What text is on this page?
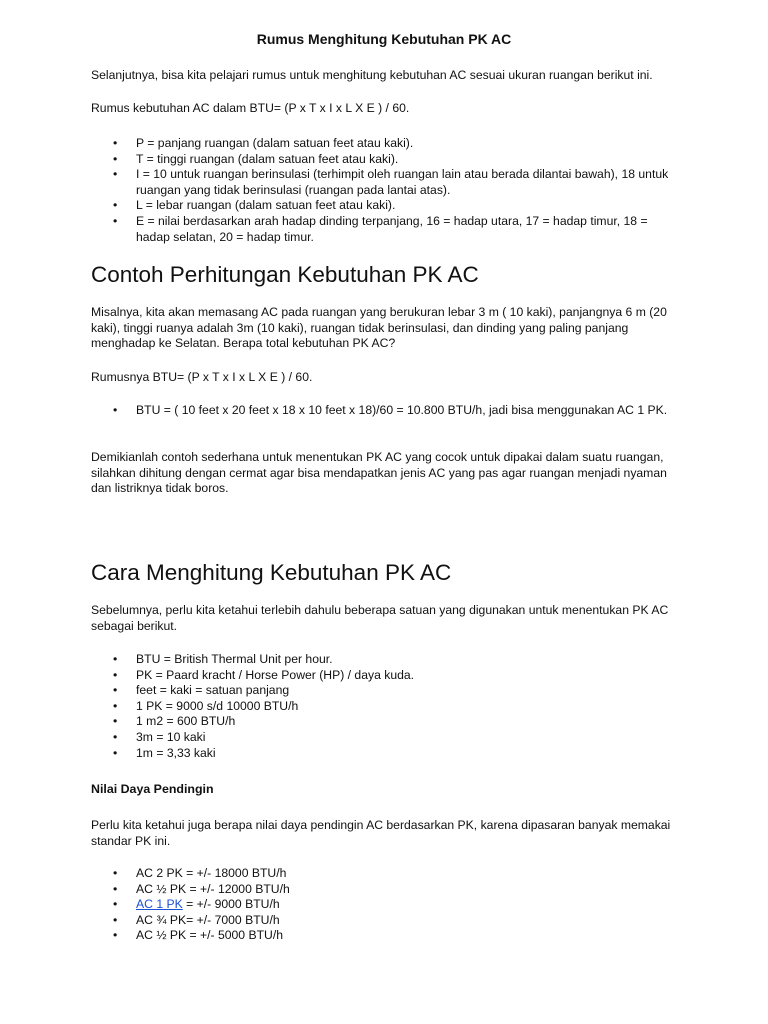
Rumus Menghitung Kebutuhan PK AC

Selanjutnya, bisa kita pelajari rumus untuk menghitung kebutuhan AC sesuai ukuran ruangan berikut ini.

Rumus kebutuhan AC dalam BTU= (P x T x I x L X E ) / 60.

• P = panjang ruangan (dalam satuan feet atau kaki).
• T = tinggi ruangan (dalam satuan feet atau kaki).
• I = 10 untuk ruangan berinsulasi (terhimpit oleh ruangan lain atau berada dilantai bawah), 18 untuk ruangan yang tidak berinsulasi (ruangan pada lantai atas).
• L = lebar ruangan (dalam satuan feet atau kaki).
• E = nilai berdasarkan arah hadap dinding terpanjang, 16 = hadap utara, 17 = hadap timur, 18 = hadap selatan, 20 = hadap timur.
Contoh Perhitungan Kebutuhan PK AC

Misalnya, kita akan memasang AC pada ruangan yang berukuran lebar 3 m ( 10 kaki), panjangnya 6 m (20 kaki), tinggi ruanya adalah 3m (10 kaki), ruangan tidak berinsulasi, dan dinding yang paling panjang menghadap ke Selatan. Berapa total kebutuhan PK AC?

Rumusnya BTU= (P x T x I x L X E ) / 60.

• BTU = ( 10 feet x 20 feet x 18 x 10 feet x 18)/60 = 10.800 BTU/h, jadi bisa menggunakan AC 1 PK.

Demikianlah contoh sederhana untuk menentukan PK AC yang cocok untuk dipakai dalam suatu ruangan, silahkan dihitung dengan cermat agar bisa mendapatkan jenis AC yang pas agar ruangan menjadi nyaman dan listriknya tidak boros.

Cara Menghitung Kebutuhan PK AC

Sebelumnya, perlu kita ketahui terlebih dahulu beberapa satuan yang digunakan untuk menentukan PK AC sebagai berikut.

• BTU = British Thermal Unit per hour.
• PK = Paard kracht / Horse Power (HP) / daya kuda.
• feet = kaki = satuan panjang
• 1 PK = 9000 s/d 10000 BTU/h
• 1 m2 = 600 BTU/h
• 3m = 10 kaki
• 1m = 3,33 kaki
Nilai Daya Pendingin

Perlu kita ketahui juga berapa nilai daya pendingin AC berdasarkan PK, karena dipasaran banyak memakai standar PK ini.

• AC 2 PK = +/- 18000 BTU/h
• AC ½ PK = +/- 12000 BTU/h
• AC 1 PK = +/- 9000 BTU/h
• AC ¾ PK= +/- 7000 BTU/h
• AC ½ PK = +/- 5000 BTU/h
